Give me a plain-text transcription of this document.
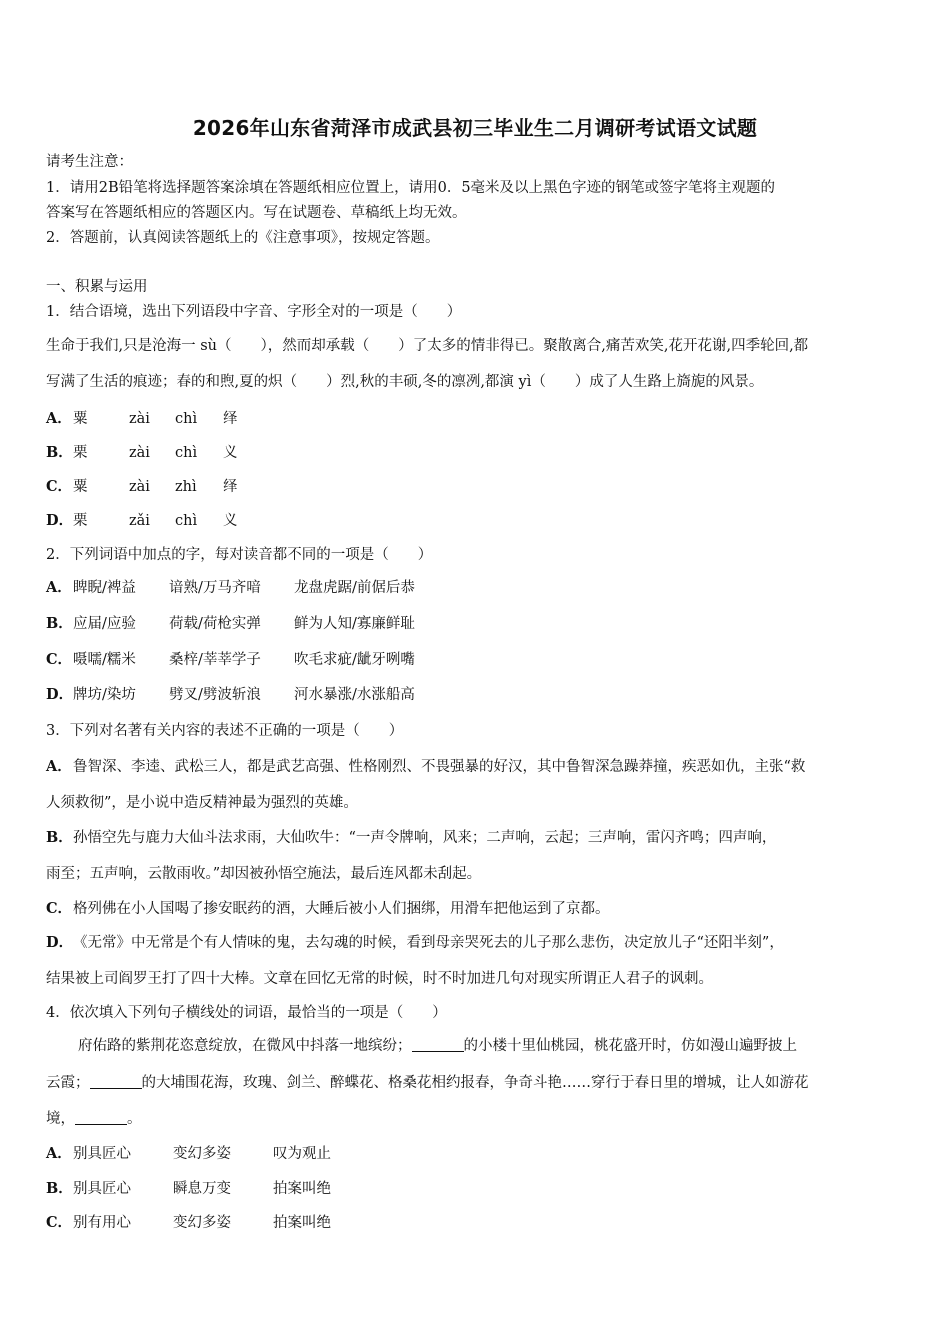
2026年山东省菏泽市成武县初三毕业生二月调研考试语文试题
请考生注意：
1．请用2B铅笔将选择题答案涂填在答题纸相应位置上，请用0．5毫米及以上黑色字迹的钢笔或签字笔将主观题的
答案写在答题纸相应的答题区内。写在试题卷、草稿纸上均无效。
2．答题前，认真阅读答题纸上的《注意事项》，按规定答题。
一、积累与运用
1．结合语境，选出下列语段中字音、字形全对的一项是（　　）
生命于我们,只是沧海一 sù（　　），然而却承载（　　）了太多的情非得已。聚散离合,痛苦欢笑,花开花谢,四季轮回,都
写满了生活的痕迹；春的和煦,夏的炽（　　）烈,秋的丰硕,冬的凛冽,都演 yì（　　）成了人生路上旖旎的风景。
A．粟	zài chì 绎
B．栗	zài chì 义
C．粟	zài zhì 绎
D．栗	zǎi chì 义
2．下列词语中加点的字，每对读音都不同的一项是（　　）
A．睥睨/裨益 谙熟/万马齐喑 龙盘虎踞/前倨后恭
B．应届/应验 荷载/荷枪实弹 鲜为人知/寡廉鲜耻
C．嗫嚅/糯米 桑梓/莘莘学子 吹毛求疵/龇牙咧嘴
D．牌坊/染坊 劈叉/劈波斩浪 河水暴涨/水涨船高
3．下列对名著有关内容的表述不正确的一项是（　　）
A．鲁智深、李逵、武松三人，都是武艺高强、性格刚烈、不畏强暴的好汉，其中鲁智深急躁莽撞，疾恶如仇，主张“救
人须救彻”，是小说中造反精神最为强烈的英雄。
B．孙悟空先与鹿力大仙斗法求雨，大仙吹牛：“一声令牌响，风来；二声响，云起；三声响，雷闪齐鸣；四声响，
雨至；五声响，云散雨收。”却因被孙悟空施法，最后连风都未刮起。
C．格列佛在小人国喝了掺安眠药的酒，大睡后被小人们捆绑，用滑车把他运到了京都。
D．《无常》中无常是个有人情味的鬼，去勾魂的时候，看到母亲哭死去的儿子那么悲伤，决定放儿子“还阳半刻”，
结果被上司阎罗王打了四十大棒。文章在回忆无常的时候，时不时加进几句对现实所谓正人君子的讽刺。
4．依次填入下列句子横线处的词语，最恰当的一项是（　　）
府佑路的紫荆花恣意绽放，在微风中抖落一地缤纷；	的小楼十里仙桃园，桃花盛开时，仿如漫山遍野披上
云霞；	的大埔围花海，玫瑰、剑兰、醉蝶花、格桑花相约报春，争奇斗艳……穿行于春日里的增城，让人如游花
境，	。
A．别具匠心	变幻多姿	叹为观止
B．别具匠心	瞬息万变	拍案叫绝
C．别有用心	变幻多姿	拍案叫绝
